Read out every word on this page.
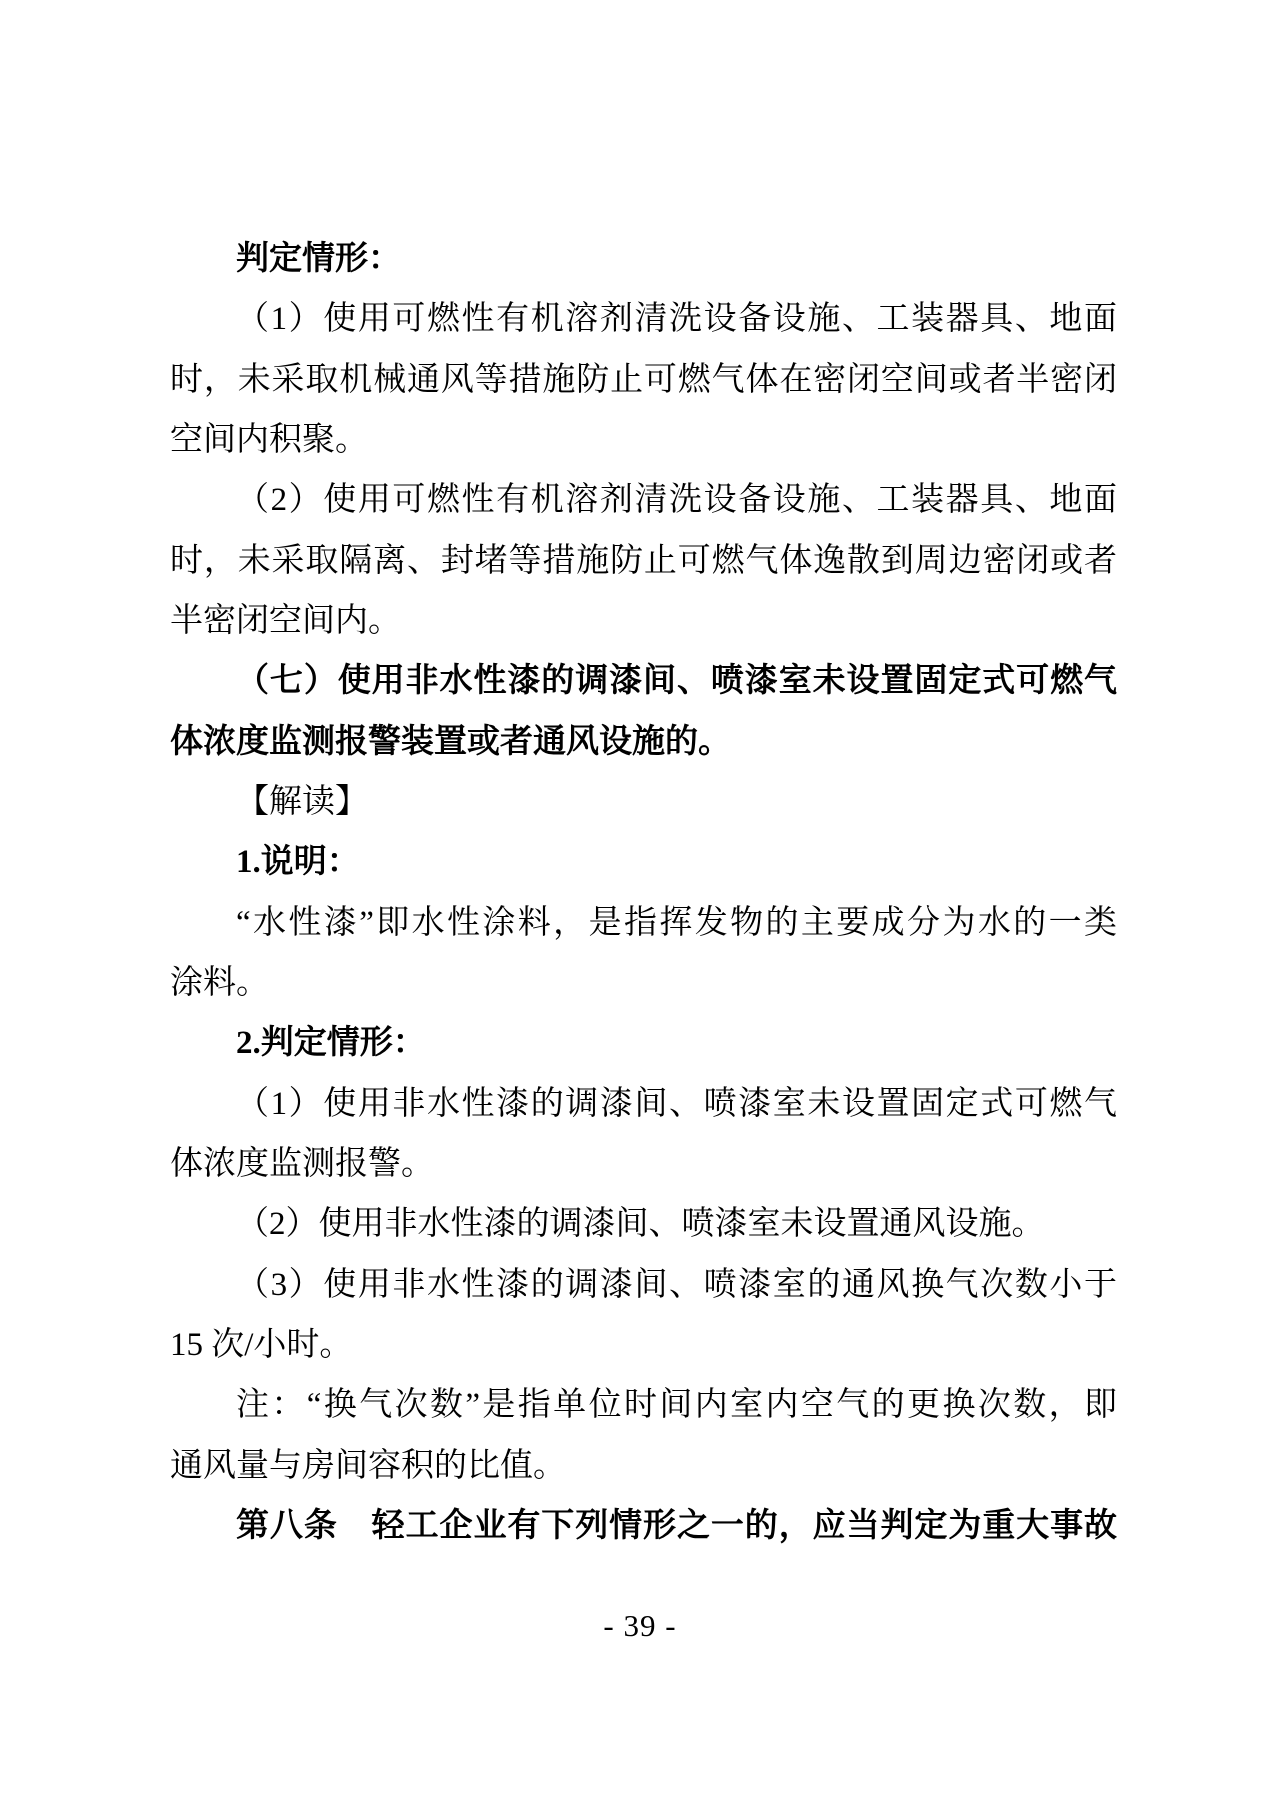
判定情形：
（1）使用可燃性有机溶剂清洗设备设施、工装器具、地面
时，未采取机械通风等措施防止可燃气体在密闭空间或者半密闭
空间内积聚。
（2）使用可燃性有机溶剂清洗设备设施、工装器具、地面
时，未采取隔离、封堵等措施防止可燃气体逸散到周边密闭或者
半密闭空间内。
（七）使用非水性漆的调漆间、喷漆室未设置固定式可燃气
体浓度监测报警装置或者通风设施的。
【解读】
1.说明：
“水性漆”即水性涂料，是指挥发物的主要成分为水的一类
涂料。
2.判定情形：
（1）使用非水性漆的调漆间、喷漆室未设置固定式可燃气
体浓度监测报警。
（2）使用非水性漆的调漆间、喷漆室未设置通风设施。
（3）使用非水性漆的调漆间、喷漆室的通风换气次数小于
15 次/小时。
注：“换气次数”是指单位时间内室内空气的更换次数，即
通风量与房间容积的比值。
第八条　轻工企业有下列情形之一的，应当判定为重大事故
- 39 -
